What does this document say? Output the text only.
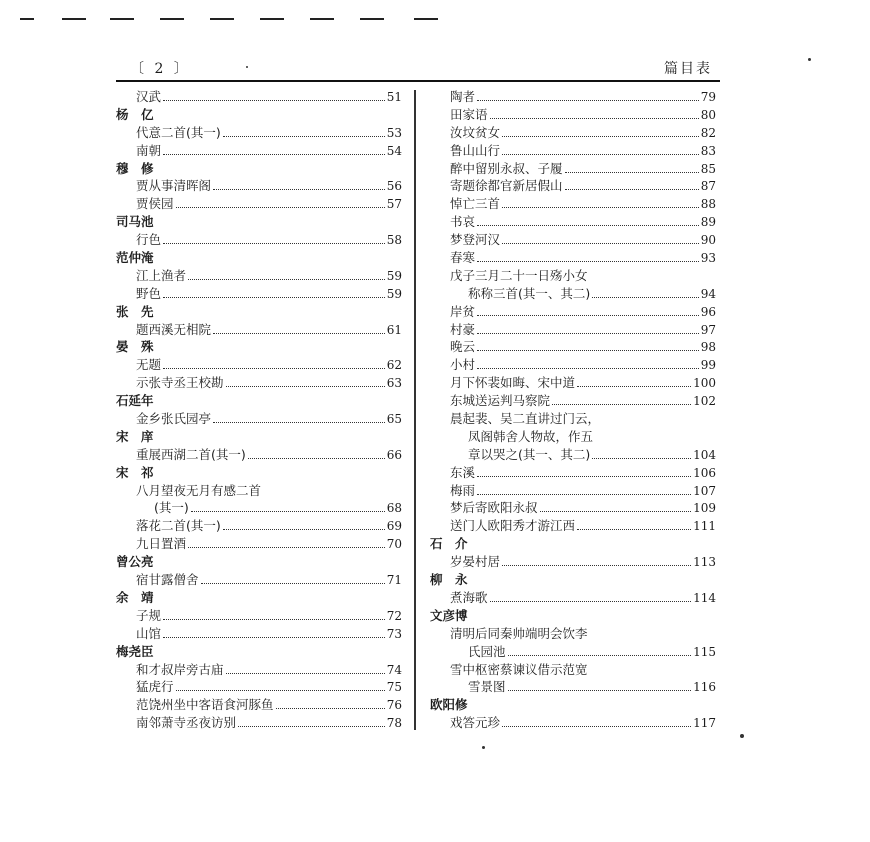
〔 2 〕	篇目表
汉武	51
杨　亿
代意二首(其一)	53
南朝	54
穆　修
贾从事清晖阁	56
贾侯园	57
司马池
行色	58
范仲淹
江上渔者	59
野色	59
张　先
题西溪无相院	61
晏　殊
无题	62
示张寺丞王校勘	63
石延年
金乡张氏园亭	65
宋　庠
重展西湖二首(其一)	66
宋　祁
八月望夜无月有感二首
(其一)	68
落花二首(其一)	69
九日置酒	70
曾公亮
宿甘露僧舍	71
余　靖
子规	72
山馆	73
梅尧臣
和才叔岸旁古庙	74
猛虎行	75
范饶州坐中客语食河豚鱼	76
南邻萧寺丞夜访别	78
陶者	79
田家语	80
汝坟贫女	82
鲁山山行	83
醉中留别永叔、子履	85
寄题徐都官新居假山	87
悼亡三首	88
书哀	89
梦登河汉	90
春寒	93
戊子三月二十一日殇小女
称称三首(其一、其二)	94
岸贫	96
村豪	97
晚云	98
小村	99
月下怀裴如晦、宋中道	100
东城送运判马察院	102
晨起裴、吴二直讲过门云，
凤阁韩舍人物故，作五
章以哭之(其一、其二)	104
东溪	106
梅雨	107
梦后寄欧阳永叔	109
送门人欧阳秀才游江西	111
石　介
岁晏村居	113
柳　永
煮海歌	114
文彦博
清明后同秦帅端明会饮李
氏园池	115
雪中枢密蔡谏议借示范宽
雪景图	116
欧阳修
戏答元珍	117
